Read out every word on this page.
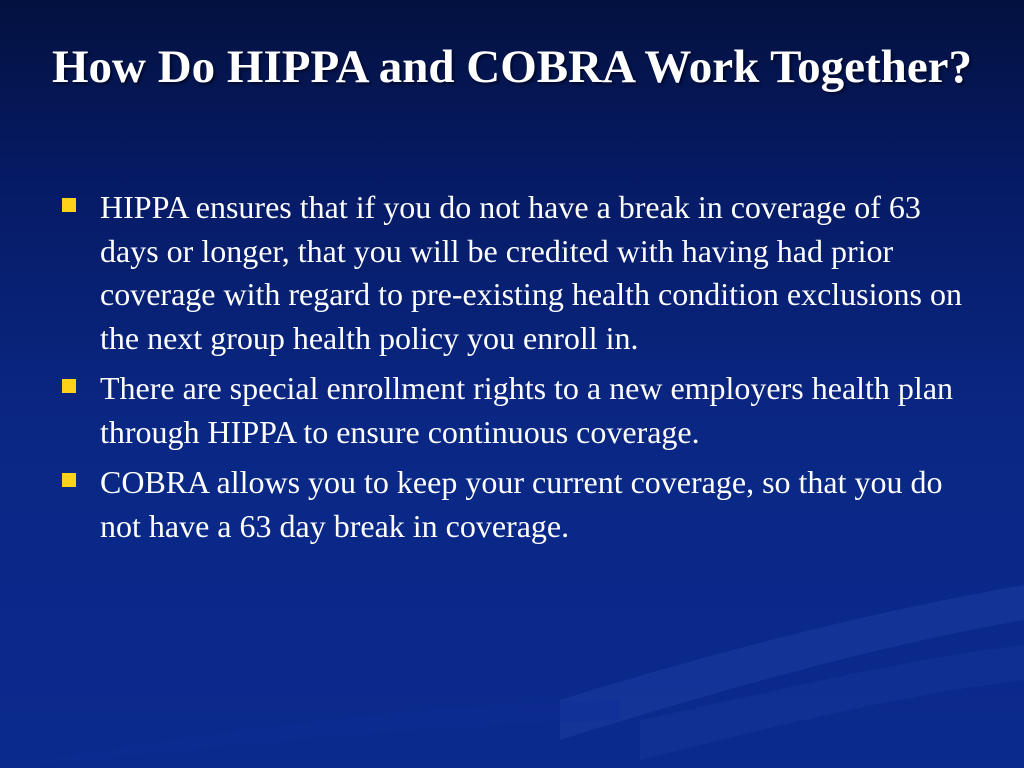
How Do HIPPA and COBRA Work Together?
HIPPA ensures that if you do not have a break in coverage of 63 days or longer, that you will be credited with having had prior coverage with regard to pre-existing health condition exclusions on the next group health policy you enroll in.
There are special enrollment rights to a new employers health plan through HIPPA to ensure continuous coverage.
COBRA allows you to keep your current coverage, so that you do not have a 63 day break in coverage.
